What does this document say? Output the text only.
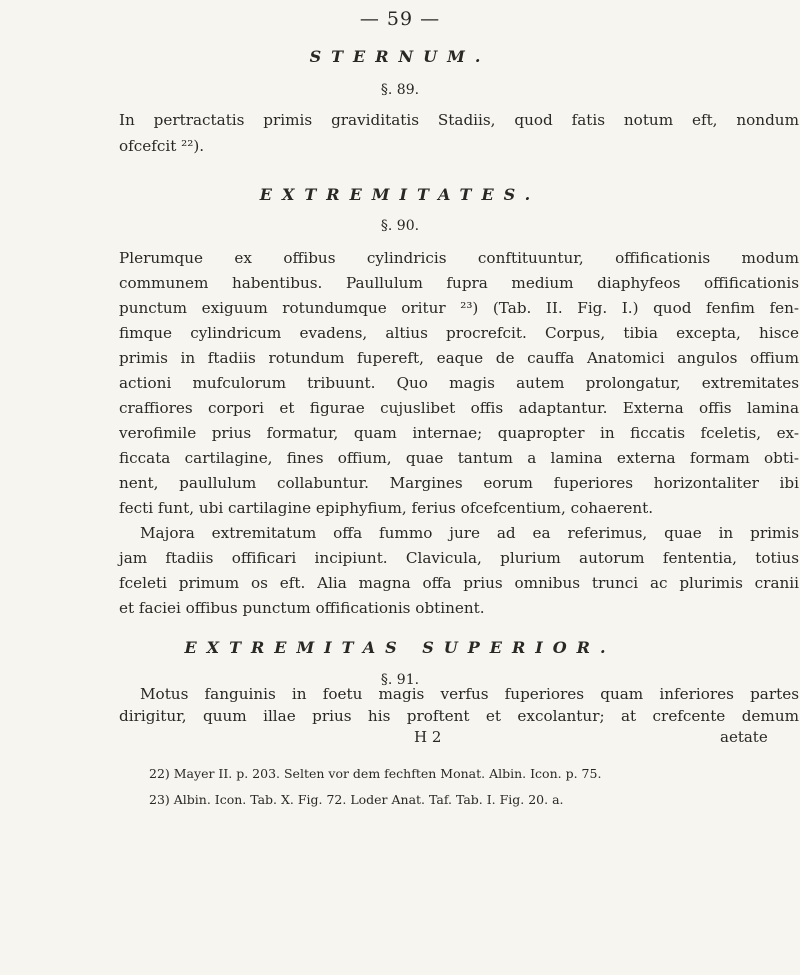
— 59 —
STERNUM.
§. 89.
In pertractatis primis graviditatis Stadiis, quod fatis notum eft, nondum
ofcefcit ²²).
EXTREMITATES.
§. 90.
Plerumque ex offibus cylindricis conftituuntur, offificationis modum
communem habentibus. Paullulum fupra medium diaphyfeos offificationis
punctum exiguum rotundumque oritur ²³) (Tab. II. Fig. I.) quod fenfim fen-
fimque cylindricum evadens, altius procrefcit. Corpus, tibia excepta, hisce
primis in ftadiis rotundum fupereft, eaque de cauffa Anatomici angulos offium
actioni mufculorum tribuunt. Quo magis autem prolongatur, extremitates
craffiores corpori et figurae cujuslibet offis adaptantur. Externa offis lamina
verofimile prius formatur, quam internae; quapropter in ficcatis fceletis, ex-
ficcata cartilagine, fines offium, quae tantum a lamina externa formam obti-
nent, paullulum collabuntur. Margines eorum fuperiores horizontaliter ibi
fecti funt, ubi cartilagine epiphyfium, ferius ofcefcentium, cohaerent.
Majora extremitatum offa fummo jure ad ea referimus, quae in primis
jam ftadiis offificari incipiunt. Clavicula, plurium autorum fententia, totius
fceleti primum os eft. Alia magna offa prius omnibus trunci ac plurimis cranii
et faciei offibus punctum offificationis obtinent.
EXTREMITAS SUPERIOR.
§. 91.
Motus fanguinis in foetu magis verfus fuperiores quam inferiores partes
dirigitur, quum illae prius his proftent et excolantur; at crefcente demum
H 2	aetate
22) Mayer II. p. 203. Selten vor dem fechften Monat. Albin. Icon. p. 75.
23) Albin. Icon. Tab. X. Fig. 72. Loder Anat. Taf. Tab. I. Fig. 20. a.
